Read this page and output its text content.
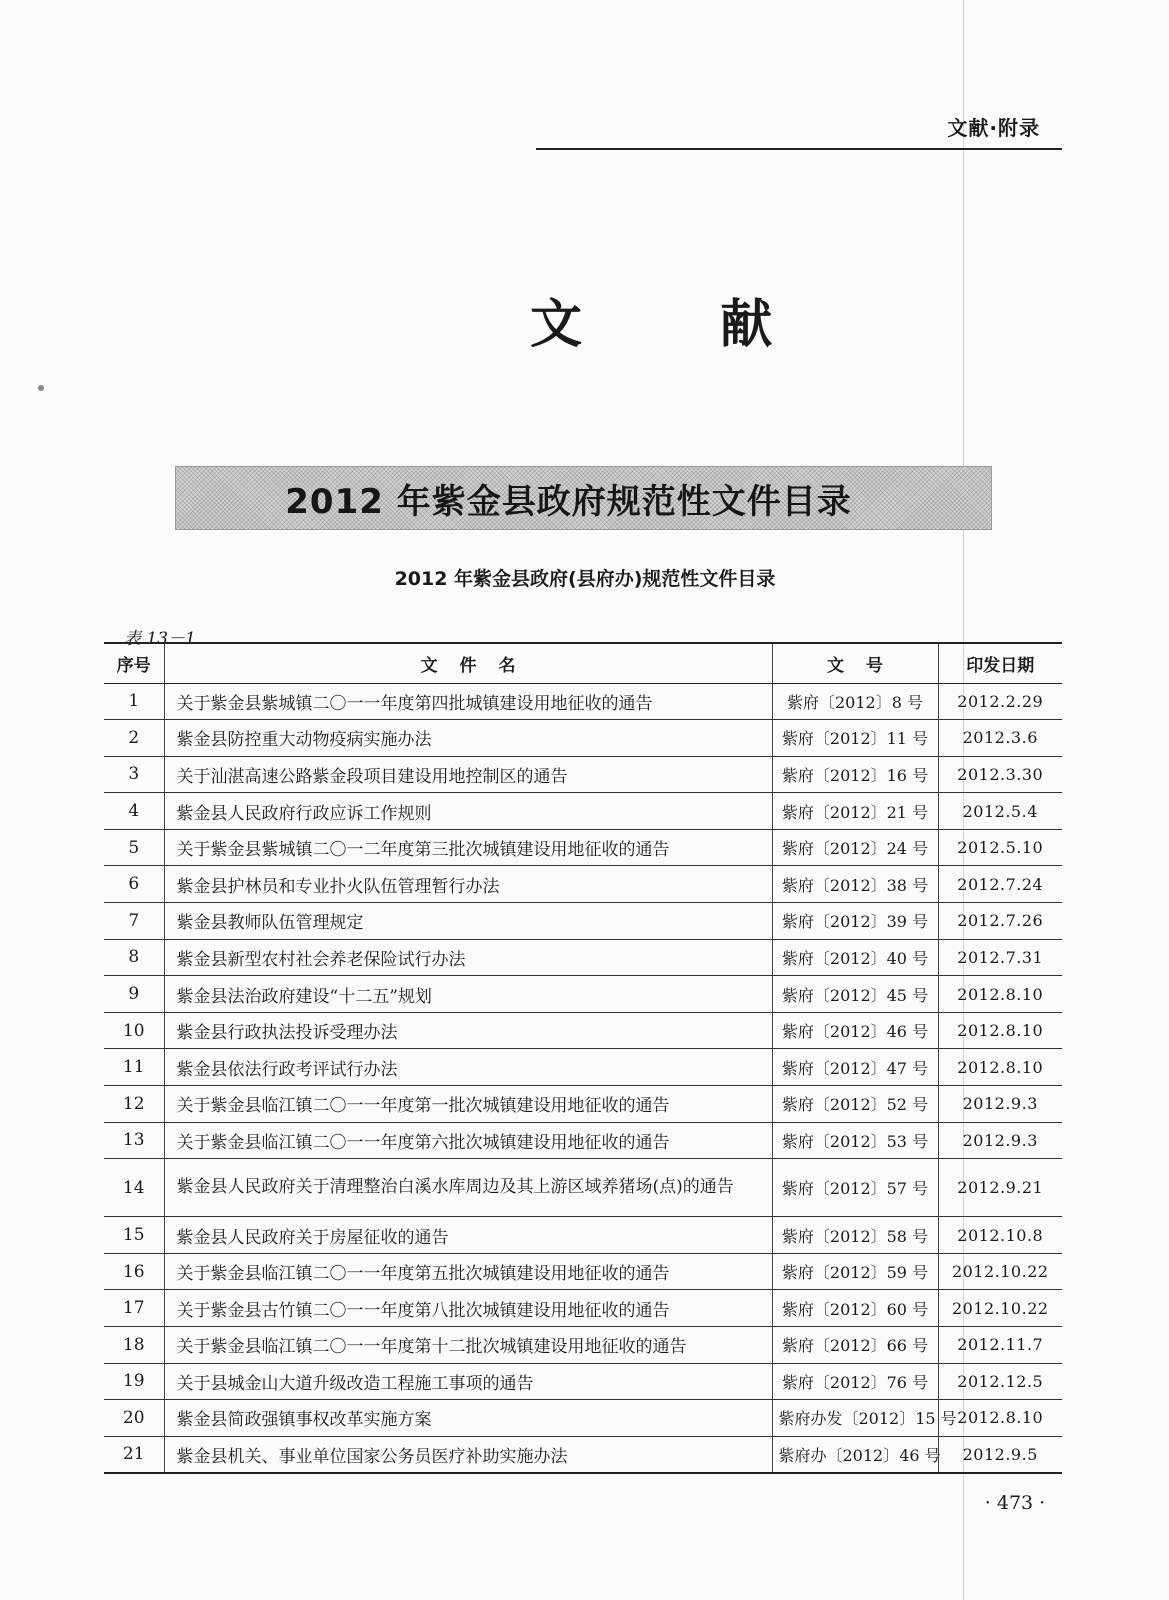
文献·附录
文 献
2012 年紫金县政府规范性文件目录
2012 年紫金县政府(县府办)规范性文件目录
表 13－1
序号	文件名	文号	印发日期
1	关于紫金县紫城镇二〇一一年度第四批城镇建设用地征收的通告	紫府〔2012〕8 号	2012.2.29
2	紫金县防控重大动物疫病实施办法	紫府〔2012〕11 号	2012.3.6
3	关于汕湛高速公路紫金段项目建设用地控制区的通告	紫府〔2012〕16 号	2012.3.30
4	紫金县人民政府行政应诉工作规则	紫府〔2012〕21 号	2012.5.4
5	关于紫金县紫城镇二〇一二年度第三批次城镇建设用地征收的通告	紫府〔2012〕24 号	2012.5.10
6	紫金县护林员和专业扑火队伍管理暂行办法	紫府〔2012〕38 号	2012.7.24
7	紫金县教师队伍管理规定	紫府〔2012〕39 号	2012.7.26
8	紫金县新型农村社会养老保险试行办法	紫府〔2012〕40 号	2012.7.31
9	紫金县法治政府建设“十二五”规划	紫府〔2012〕45 号	2012.8.10
10	紫金县行政执法投诉受理办法	紫府〔2012〕46 号	2012.8.10
11	紫金县依法行政考评试行办法	紫府〔2012〕47 号	2012.8.10
12	关于紫金县临江镇二〇一一年度第一批次城镇建设用地征收的通告	紫府〔2012〕52 号	2012.9.3
13	关于紫金县临江镇二〇一一年度第六批次城镇建设用地征收的通告	紫府〔2012〕53 号	2012.9.3
14	紫金县人民政府关于清理整治白溪水库周边及其上游区域养猪场(点)的通告	紫府〔2012〕57 号	2012.9.21
15	紫金县人民政府关于房屋征收的通告	紫府〔2012〕58 号	2012.10.8
16	关于紫金县临江镇二〇一一年度第五批次城镇建设用地征收的通告	紫府〔2012〕59 号	2012.10.22
17	关于紫金县古竹镇二〇一一年度第八批次城镇建设用地征收的通告	紫府〔2012〕60 号	2012.10.22
18	关于紫金县临江镇二〇一一年度第十二批次城镇建设用地征收的通告	紫府〔2012〕66 号	2012.11.7
19	关于县城金山大道升级改造工程施工事项的通告	紫府〔2012〕76 号	2012.12.5
20	紫金县简政强镇事权改革实施方案	紫府办发〔2012〕15 号	2012.8.10
21	紫金县机关、事业单位国家公务员医疗补助实施办法	紫府办〔2012〕46 号	2012.9.5
· 473 ·
